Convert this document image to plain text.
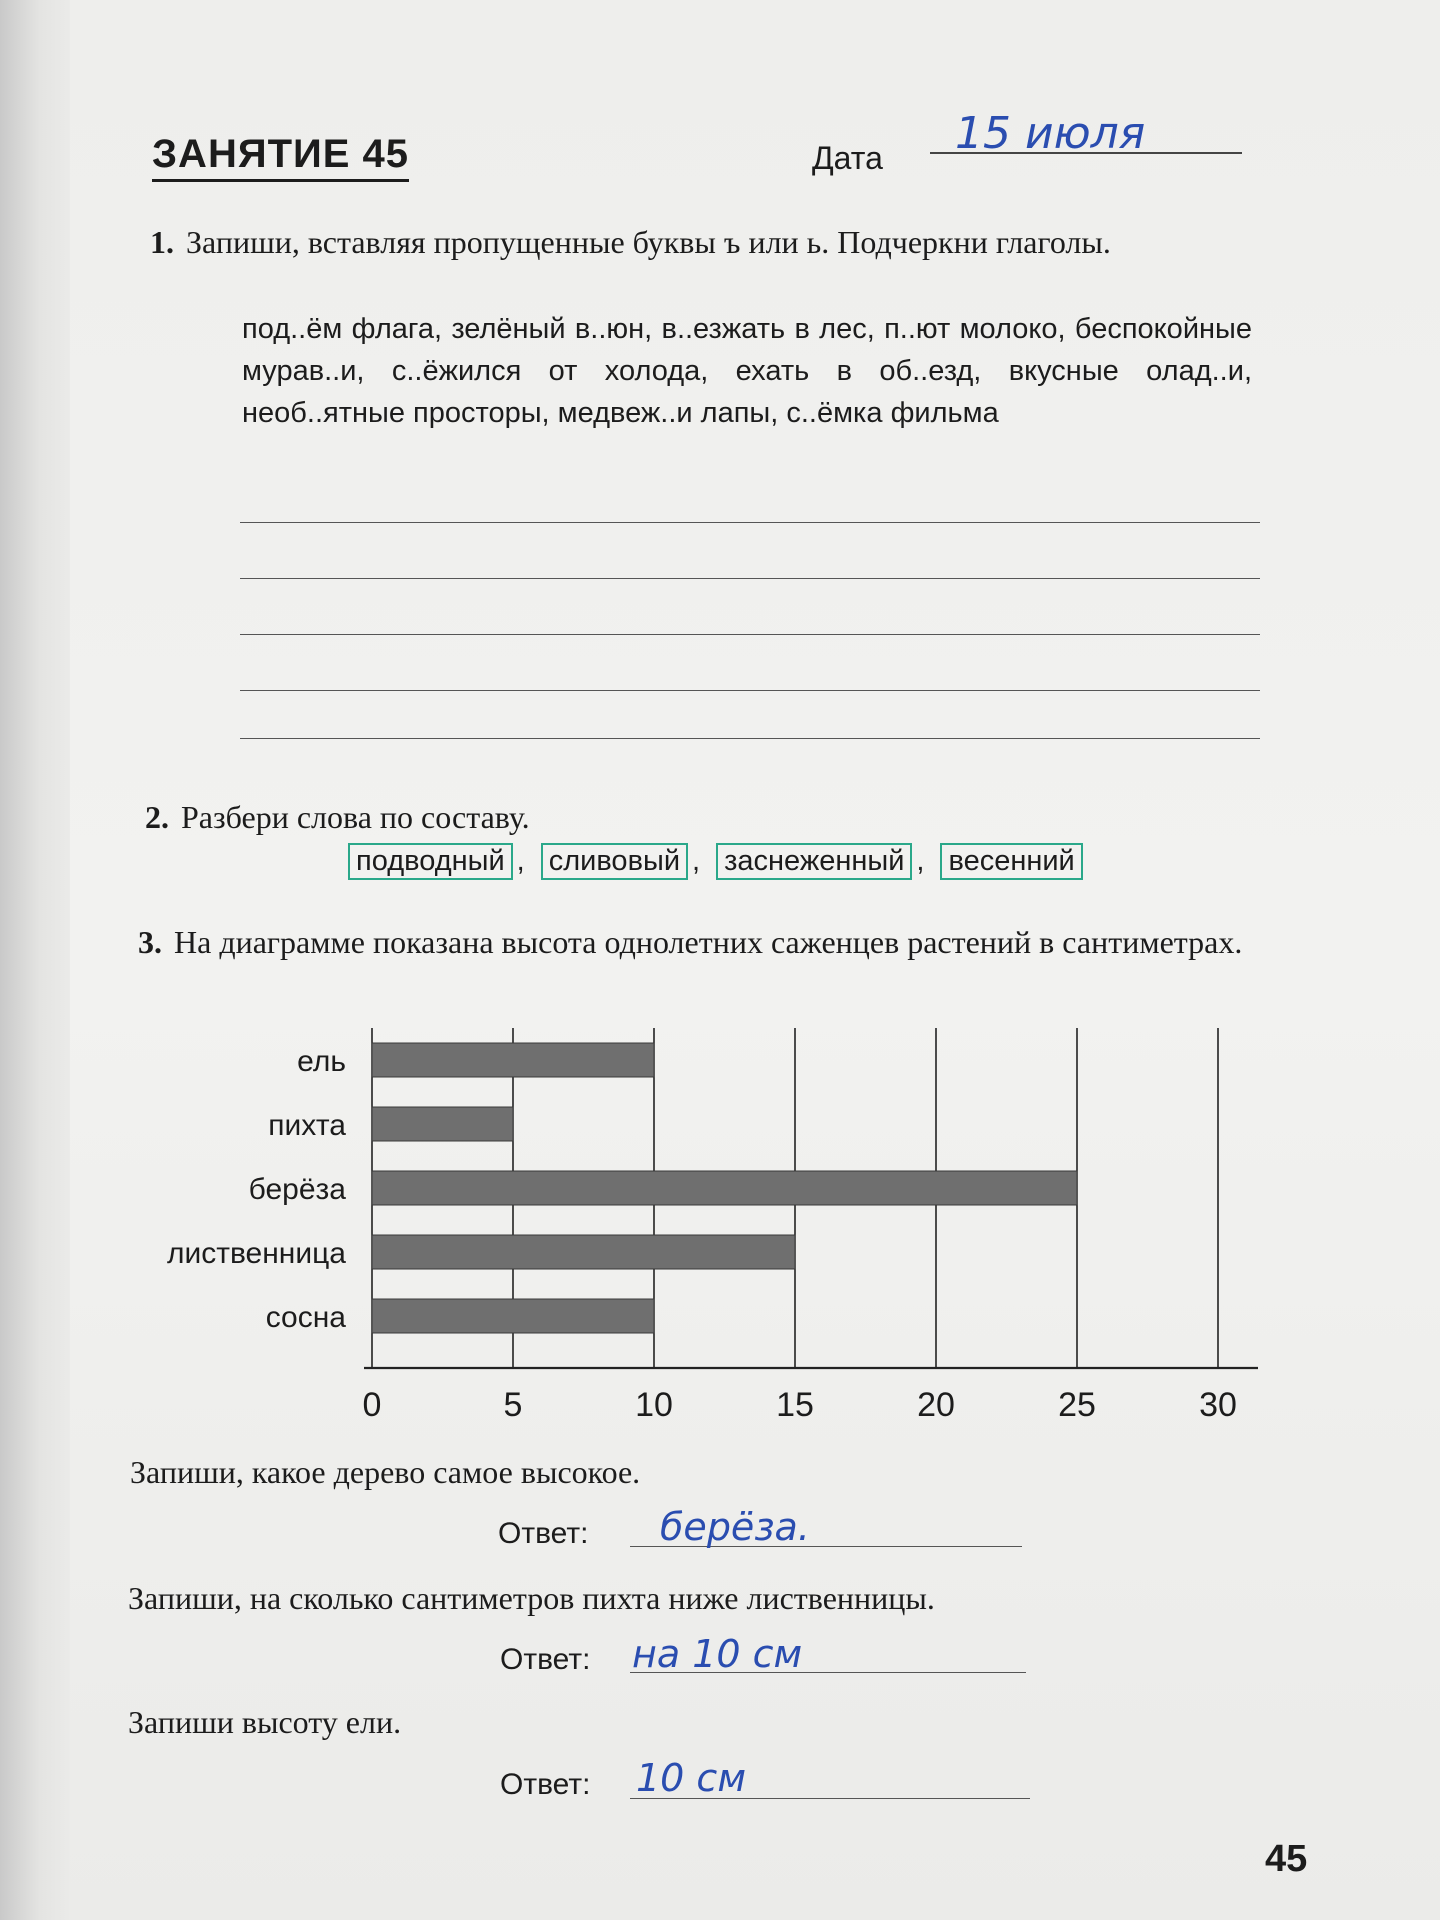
ЗАНЯТИЕ 45	Дата 15 июля
1. Запиши, вставляя пропущенные буквы ъ или ь. Подчеркни глаголы.
под..ём флага, зелёный в..юн, в..езжать в лес, п..ют молоко, беспокойные мурав..и, с..ёжился от холода, ехать в об..езд, вкусные олад..и, необ..ятные просторы, медвеж..и лапы, с..ёмка фильма
2. Разбери слова по составу.
подводный , сливовый , заснеженный , весенний
3. На диаграмме показана высота однолетних саженцев растений в сантиметрах.
0	5	10	15	20	25	30
ель
пихта
берёза
лиственница
сосна
Запиши, какое дерево самое высокое.
Ответ: берёза.
Запиши, на сколько сантиметров пихта ниже лиственницы.
Ответ: на 10 см
Запиши высоту ели.
Ответ: 10 см
45
